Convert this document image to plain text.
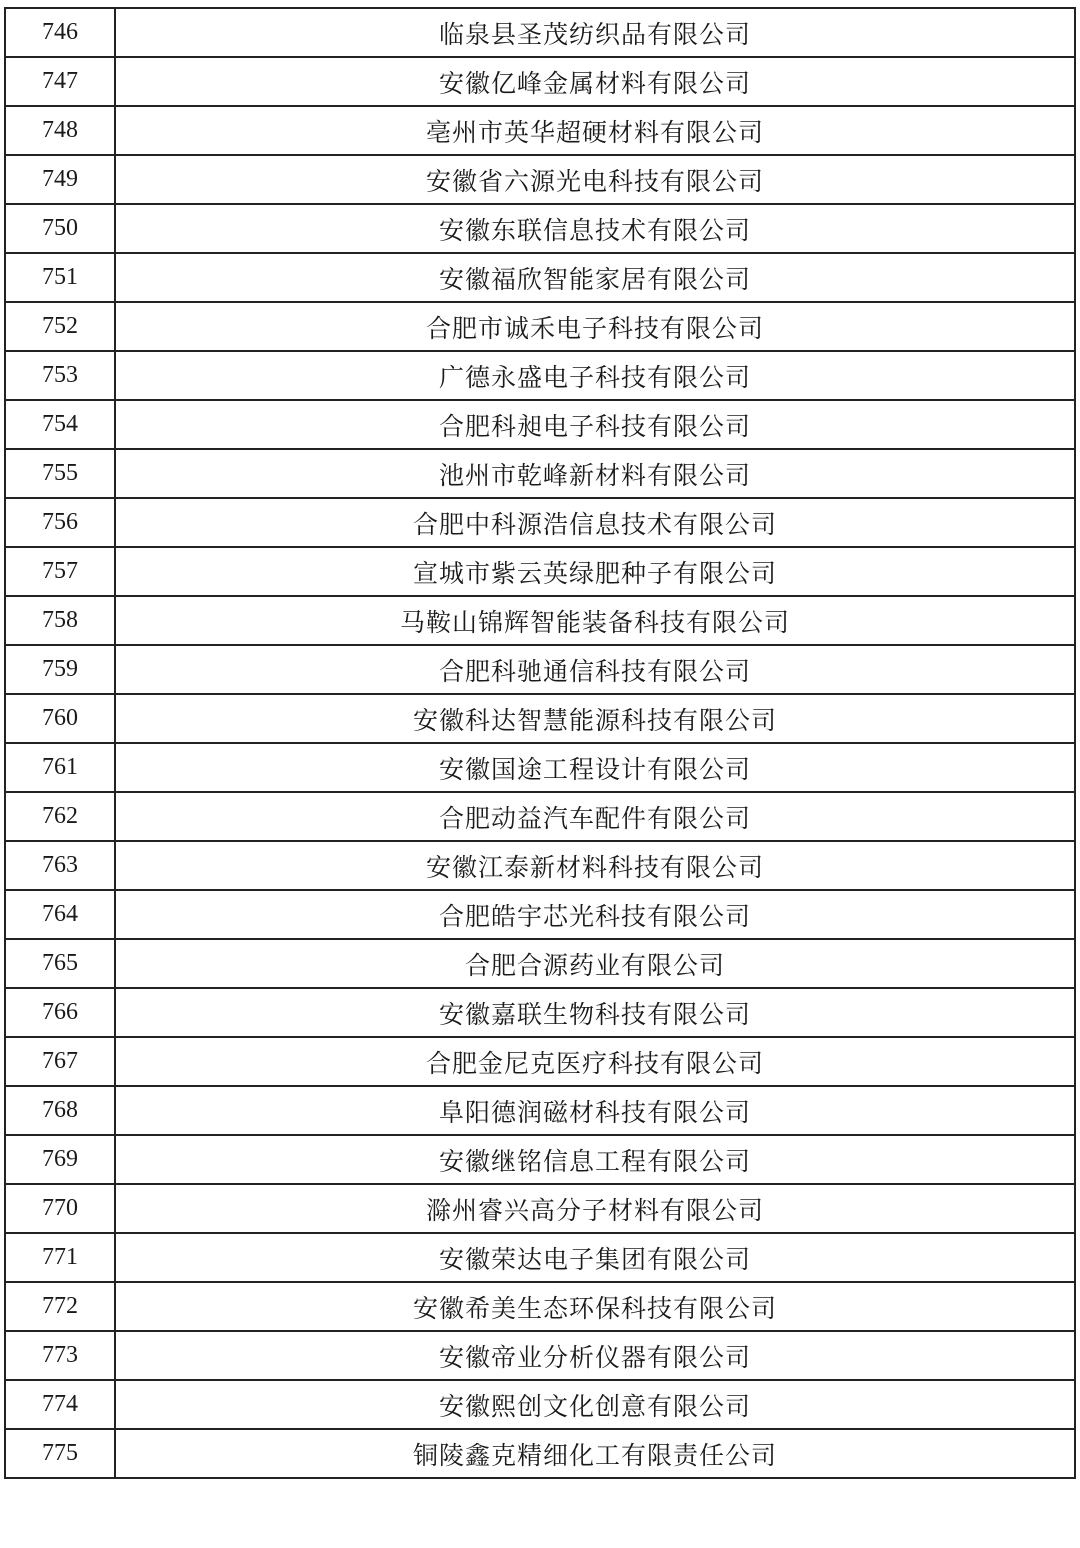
746	临泉县圣茂纺织品有限公司
747	安徽亿峰金属材料有限公司
748	亳州市英华超硬材料有限公司
749	安徽省六源光电科技有限公司
750	安徽东联信息技术有限公司
751	安徽福欣智能家居有限公司
752	合肥市诚禾电子科技有限公司
753	广德永盛电子科技有限公司
754	合肥科昶电子科技有限公司
755	池州市乾峰新材料有限公司
756	合肥中科源浩信息技术有限公司
757	宣城市紫云英绿肥种子有限公司
758	马鞍山锦辉智能装备科技有限公司
759	合肥科驰通信科技有限公司
760	安徽科达智慧能源科技有限公司
761	安徽国途工程设计有限公司
762	合肥动益汽车配件有限公司
763	安徽江泰新材料科技有限公司
764	合肥皓宇芯光科技有限公司
765	合肥合源药业有限公司
766	安徽嘉联生物科技有限公司
767	合肥金尼克医疗科技有限公司
768	阜阳德润磁材科技有限公司
769	安徽继铭信息工程有限公司
770	滁州睿兴高分子材料有限公司
771	安徽荣达电子集团有限公司
772	安徽希美生态环保科技有限公司
773	安徽帝业分析仪器有限公司
774	安徽熙创文化创意有限公司
775	铜陵鑫克精细化工有限责任公司
